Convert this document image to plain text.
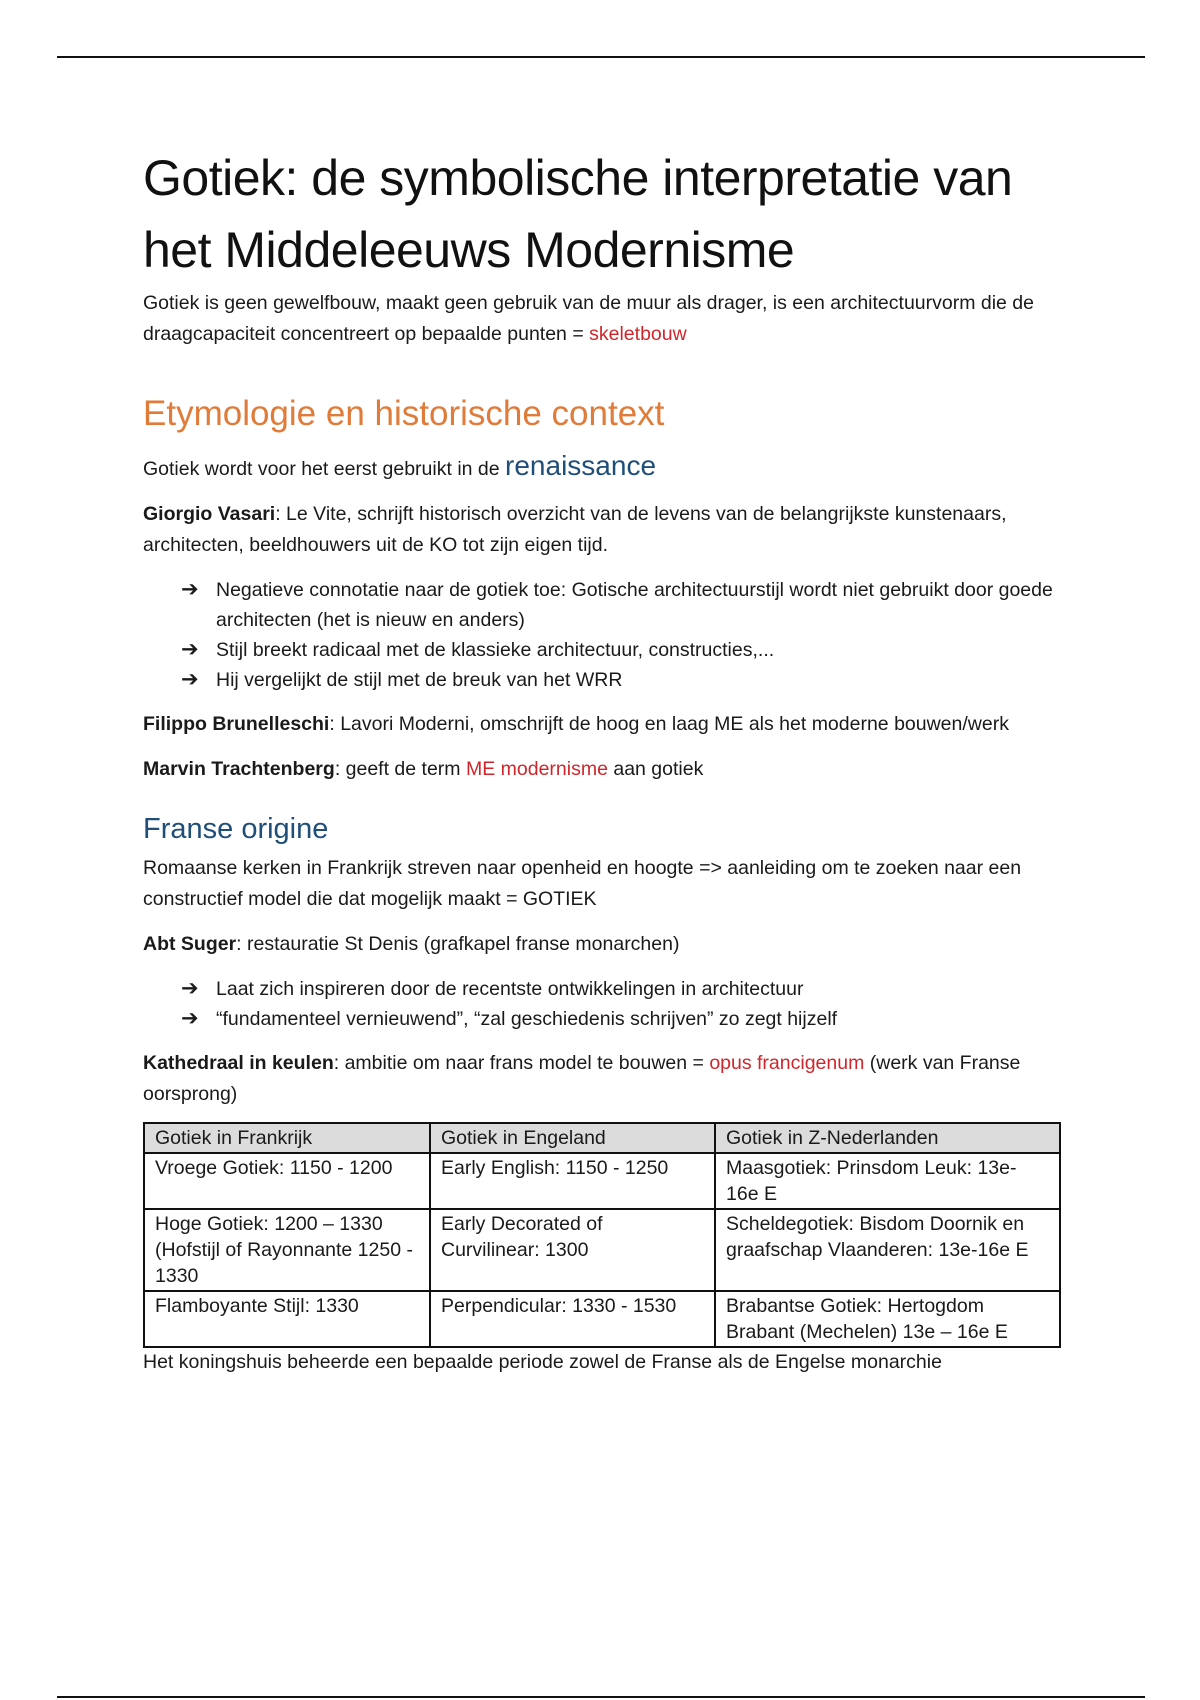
Gotiek: de symbolische interpretatie van
het Middeleeuws Modernisme

Gotiek is geen gewelfbouw, maakt geen gebruik van de muur als drager, is een architectuurvorm die de draagcapaciteit concentreert op bepaalde punten = skeletbouw

Etymologie en historische context

Gotiek wordt voor het eerst gebruikt in de renaissance

Giorgio Vasari: Le Vite, schrijft historisch overzicht van de levens van de belangrijkste kunstenaars, architecten, beeldhouwers uit de KO tot zijn eigen tijd.

➔ Negatieve connotatie naar de gotiek toe: Gotische architectuurstijl wordt niet gebruikt door goede architecten (het is nieuw en anders)
➔ Stijl breekt radicaal met de klassieke architectuur, constructies,...
➔ Hij vergelijkt de stijl met de breuk van het WRR

Filippo Brunelleschi: Lavori Moderni, omschrijft de hoog en laag ME als het moderne bouwen/werk

Marvin Trachtenberg: geeft de term ME modernisme aan gotiek

Franse origine

Romaanse kerken in Frankrijk streven naar openheid en hoogte => aanleiding om te zoeken naar een constructief model die dat mogelijk maakt = GOTIEK

Abt Suger: restauratie St Denis (grafkapel franse monarchen)

➔ Laat zich inspireren door de recentste ontwikkelingen in architectuur
➔ “fundamenteel vernieuwend”, “zal geschiedenis schrijven” zo zegt hijzelf

Kathedraal in keulen: ambitie om naar frans model te bouwen = opus francigenum (werk van Franse oorsprong)

Gotiek in Frankrijk	Gotiek in Engeland	Gotiek in Z-Nederlanden
Vroege Gotiek: 1150 - 1200	Early English: 1150 - 1250	Maasgotiek: Prinsdom Leuk: 13e-16e E
Hoge Gotiek: 1200 – 1330 (Hofstijl of Rayonnante 1250 - 1330	Early Decorated of Curvilinear: 1300	Scheldegotiek: Bisdom Doornik en graafschap Vlaanderen: 13e-16e E
Flamboyante Stijl: 1330	Perpendicular: 1330 - 1530	Brabantse Gotiek: Hertogdom Brabant (Mechelen) 13e – 16e E

Het koningshuis beheerde een bepaalde periode zowel de Franse als de Engelse monarchie
